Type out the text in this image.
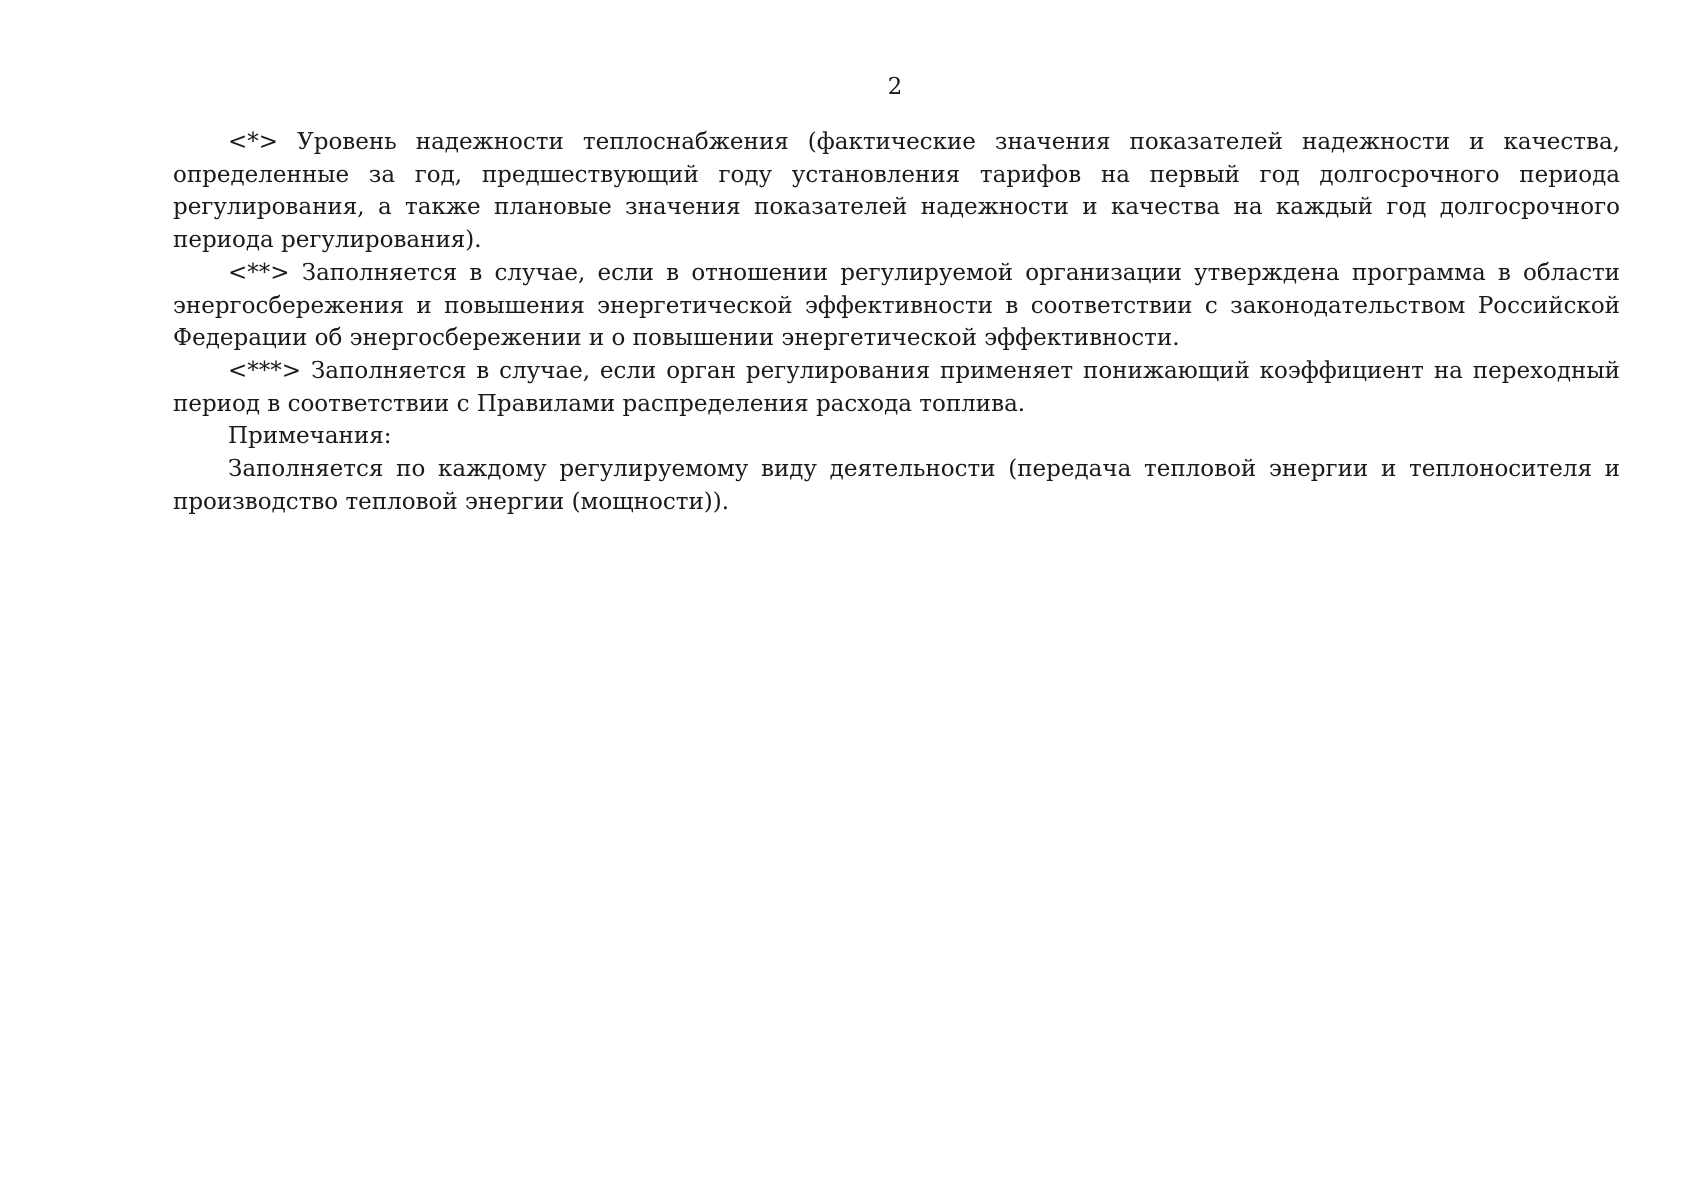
2

<*> Уровень надежности теплоснабжения (фактические значения показателей надежности и качества, определенные за год, предшествующий году установления тарифов на первый год долгосрочного периода регулирования, а также плановые значения показателей надежности и качества на каждый год долгосрочного периода регулирования).

<**> Заполняется в случае, если в отношении регулируемой организации утверждена программа в области энергосбережения и повышения энергетической эффективности в соответствии с законодательством Российской Федерации об энергосбережении и о повышении энергетической эффективности.

<***> Заполняется в случае, если орган регулирования применяет понижающий коэффициент на переходный период в соответствии с Правилами распределения расхода топлива.

Примечания:

Заполняется по каждому регулируемому виду деятельности (передача тепловой энергии и теплоносителя и производство тепловой энергии (мощности)).
